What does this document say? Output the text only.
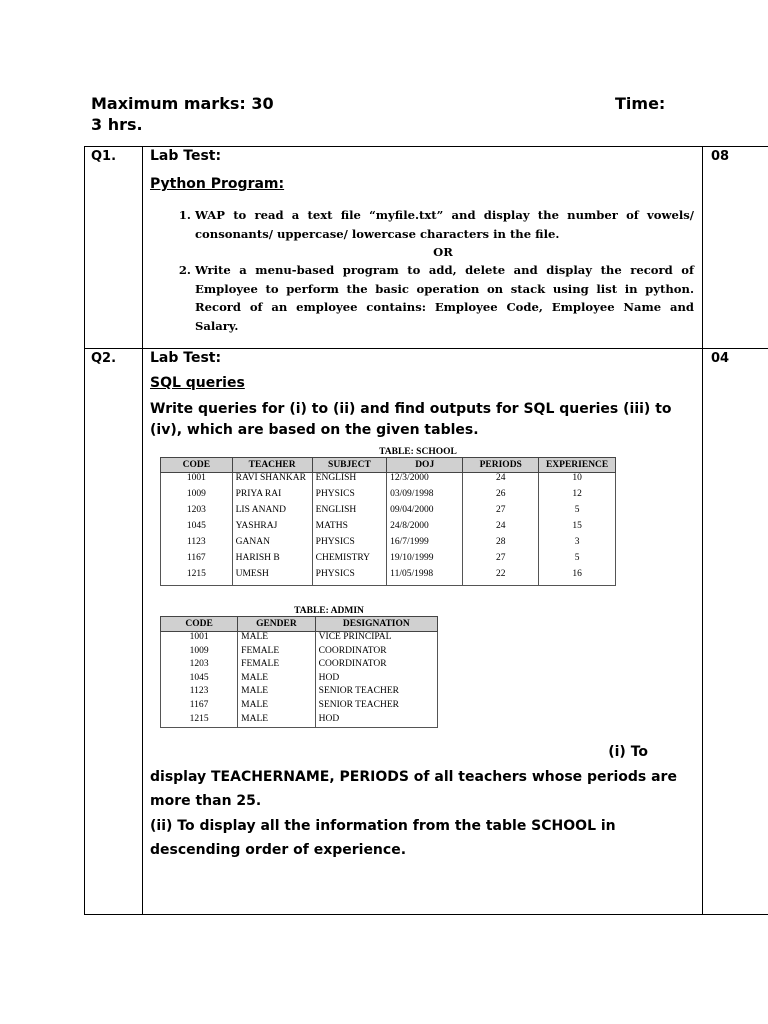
Maximum marks: 30	Time:
3 hrs.
Q1.	Lab Test:
Python Program:
1. WAP to read a text file “myfile.txt” and display the number of vowels/ consonants/ uppercase/ lowercase characters in the file.
OR
2. Write a menu-based program to add, delete and display the record of Employee to perform the basic operation on stack using list in python. Record of an employee contains: Employee Code, Employee Name and Salary.
	08
Q2.	Lab Test:
SQL queries
Write queries for (i) to (ii) and find outputs for SQL queries (iii) to (iv), which are based on the given tables.
TABLE: SCHOOL
CODE	TEACHER	SUBJECT	DOJ	PERIODS	EXPERIENCE
1001	RAVI SHANKAR	ENGLISH	12/3/2000	24	10
1009	PRIYA RAI	PHYSICS	03/09/1998	26	12
1203	LIS ANAND	ENGLISH	09/04/2000	27	5
1045	YASHRAJ	MATHS	24/8/2000	24	15
1123	GANAN	PHYSICS	16/7/1999	28	3
1167	HARISH B	CHEMISTRY	19/10/1999	27	5
1215	UMESH	PHYSICS	11/05/1998	22	16
TABLE: ADMIN
CODE	GENDER	DESIGNATION
1001	MALE	VICE PRINCIPAL
1009	FEMALE	COORDINATOR
1203	FEMALE	COORDINATOR
1045	MALE	HOD
1123	MALE	SENIOR TEACHER
1167	MALE	SENIOR TEACHER
1215	MALE	HOD
(i) To
display TEACHERNAME, PERIODS of all teachers whose periods are more than 25.
(ii) To display all the information from the table SCHOOL in descending order of experience.
	04
